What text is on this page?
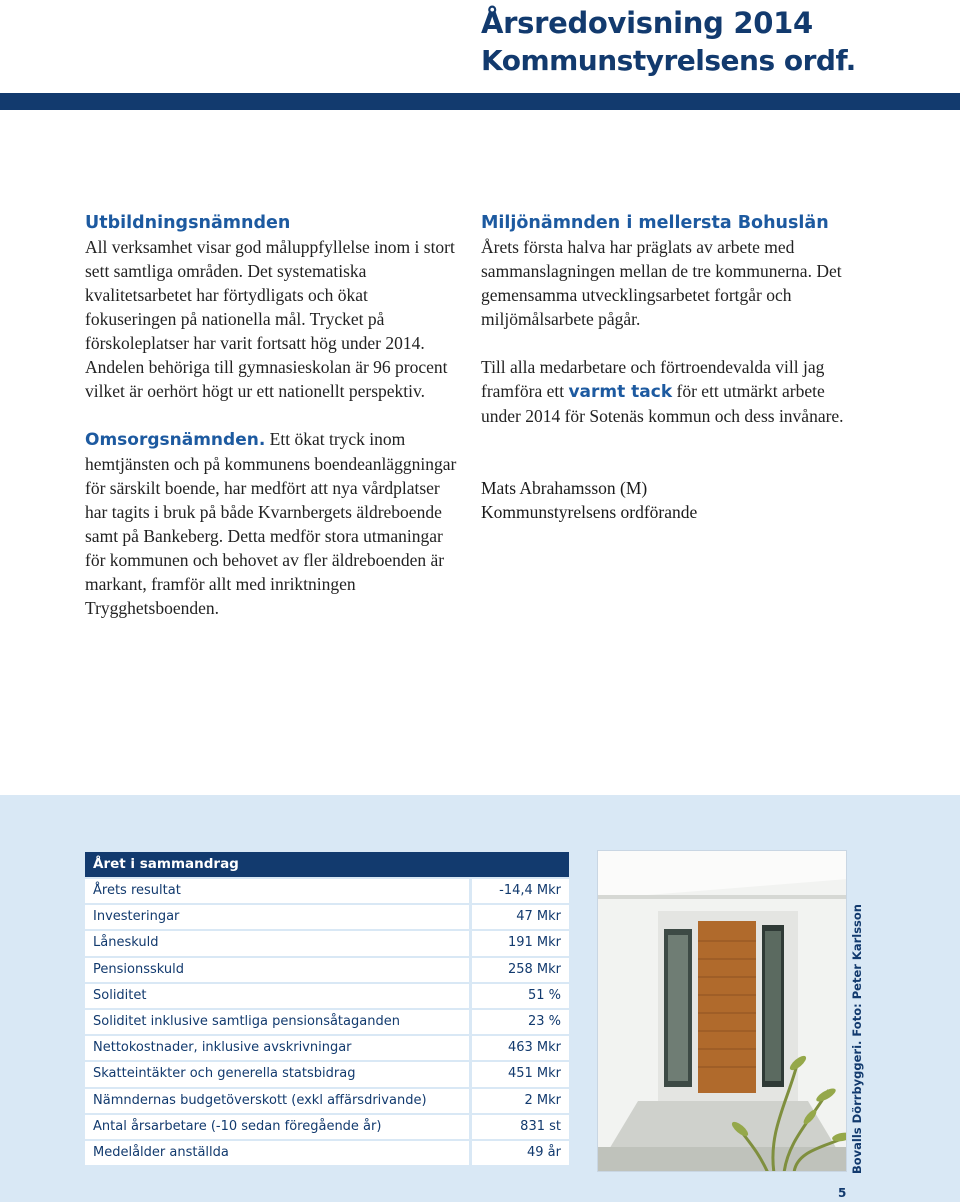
Årsredovisning 2014
Kommunstyrelsens ordf.
Utbildningsnämnden

All verksamhet visar god måluppfyllelse inom i stort sett samtliga områden. Det systematiska kvalitetsarbetet har förtydligats och ökat fokuseringen på nationella mål. Trycket på förskoleplatser har varit fortsatt hög under 2014. Andelen behöriga till gymnasieskolan är 96 procent vilket är oerhört högt ur ett nationellt perspektiv.

Omsorgsnämnden. Ett ökat tryck inom hemtjänsten och på kommunens boendeanläggningar för särskilt boende, har medfört att nya vårdplatser har tagits i bruk på både Kvarnbergets äldreboende samt på Bankeberg. Detta medför stora utmaningar för kommunen och behovet av fler äldreboenden är markant, framför allt med inriktningen Trygghetsboenden.

Miljönämnden i mellersta Bohuslän

Årets första halva har präglats av arbete med sammanslagningen mellan de tre kommunerna. Det gemensamma utvecklingsarbetet fortgår och miljömålsarbete pågår.

Till alla medarbetare och förtroendevalda vill jag framföra ett varmt tack för ett utmärkt arbete under 2014 för Sotenäs kommun och dess invånare.

Mats Abrahamsson (M)
Kommunstyrelsens ordförande
Året i sammandrag
Årets resultat	-14,4 Mkr
Investeringar	47 Mkr
Låneskuld	191 Mkr
Pensionsskuld	258 Mkr
Soliditet	51 %
Soliditet inklusive samtliga pensionsåtaganden	23 %
Nettokostnader, inklusive avskrivningar	463 Mkr
Skatteintäkter och generella statsbidrag	451 Mkr
Nämndernas budgetöverskott (exkl affärsdrivande)	2 Mkr
Antal årsarbetare (-10 sedan föregående år)	831 st
Medelålder anställda	49 år	Bovalls Dörrbyggeri. Foto: Peter Karlsson
5
